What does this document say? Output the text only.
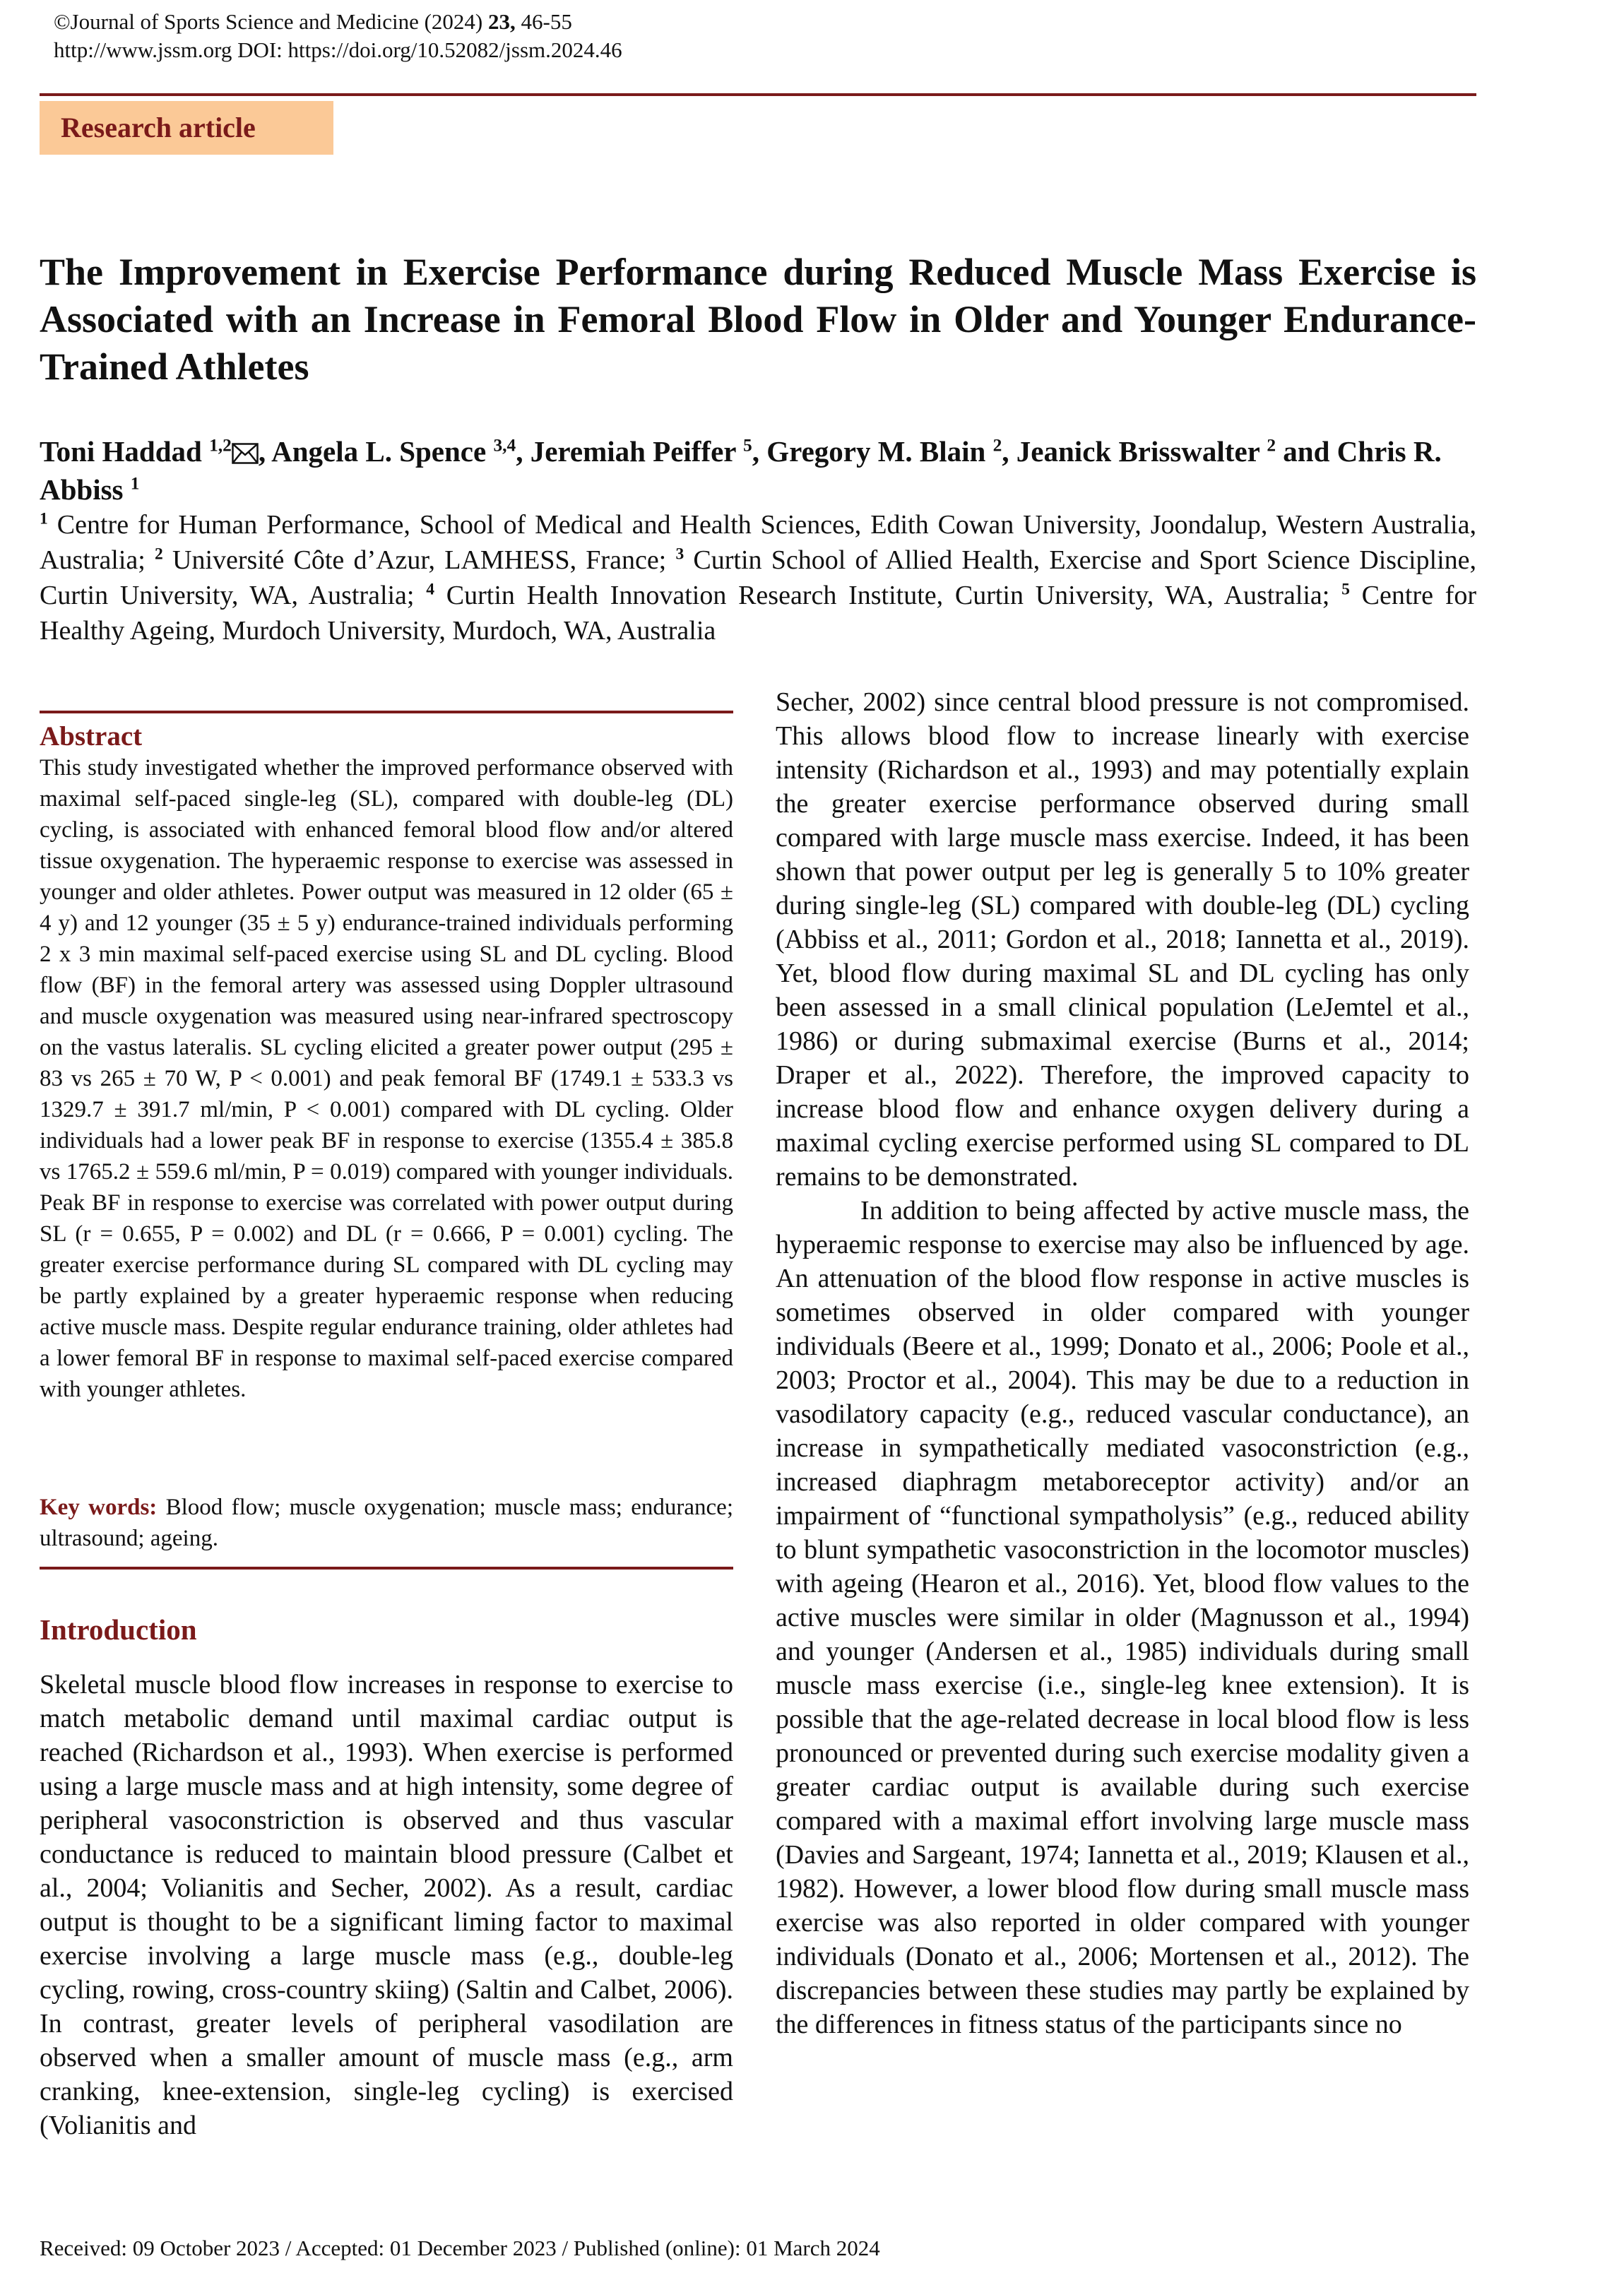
©Journal of Sports Science and Medicine (2024) 23, 46-55
http://www.jssm.org DOI: https://doi.org/10.52082/jssm.2024.46
Research article
The Improvement in Exercise Performance during Reduced Muscle Mass Exercise is Associated with an Increase in Femoral Blood Flow in Older and Younger Endurance-Trained Athletes
Toni Haddad $^{1,2}$ , Angela L. Spence $^{3,4}$, Jeremiah Peiffer $^5$, Gregory M. Blain $^2$, Jeanick Brisswalter $^2$ and Chris R. Abbiss $^1$
$^1$ Centre for Human Performance, School of Medical and Health Sciences, Edith Cowan University, Joondalup, Western Australia, Australia; $^2$ Université Côte d’Azur, LAMHESS, France; $^3$ Curtin School of Allied Health, Exercise and Sport Science Discipline, Curtin University, WA, Australia; $^4$ Curtin Health Innovation Research Institute, Curtin University, WA, Australia; $^5$ Centre for Healthy Ageing, Murdoch University, Murdoch, WA, Australia
Abstract
This study investigated whether the improved performance observed with maximal self-paced single-leg (SL), compared with double-leg (DL) cycling, is associated with enhanced femoral blood flow and/or altered tissue oxygenation. The hyperaemic response to exercise was assessed in younger and older athletes. Power output was measured in 12 older (65 ± 4 y) and 12 younger (35 ± 5 y) endurance-trained individuals performing 2 x 3 min maximal self-paced exercise using SL and DL cycling. Blood flow (BF) in the femoral artery was assessed using Doppler ultrasound and muscle oxygenation was measured using near-infrared spectroscopy on the vastus lateralis. SL cycling elicited a greater power output (295 ± 83 vs 265 ± 70 W, P < 0.001) and peak femoral BF (1749.1 ± 533.3 vs 1329.7 ± 391.7 ml/min, P < 0.001) compared with DL cycling. Older individuals had a lower peak BF in response to exercise (1355.4 ± 385.8 vs 1765.2 ± 559.6 ml/min, P = 0.019) compared with younger individuals. Peak BF in response to exercise was correlated with power output during SL (r = 0.655, P = 0.002) and DL (r = 0.666, P = 0.001) cycling. The greater exercise performance during SL compared with DL cycling may be partly explained by a greater hyperaemic response when reducing active muscle mass. Despite regular endurance training, older athletes had a lower femoral BF in response to maximal self-paced exercise compared with younger athletes.
Key words: Blood flow; muscle oxygenation; muscle mass; endurance; ultrasound; ageing.
Introduction
Skeletal muscle blood flow increases in response to exercise to match metabolic demand until maximal cardiac output is reached (Richardson et al., 1993). When exercise is performed using a large muscle mass and at high intensity, some degree of peripheral vasoconstriction is observed and thus vascular conductance is reduced to maintain blood pressure (Calbet et al., 2004; Volianitis and Secher, 2002). As a result, cardiac output is thought to be a significant liming factor to maximal exercise involving a large muscle mass (e.g., double-leg cycling, rowing, cross-country skiing) (Saltin and Calbet, 2006). In contrast, greater levels of peripheral vasodilation are observed when a smaller amount of muscle mass (e.g., arm cranking, knee-extension, single-leg cycling) is exercised (Volianitis and

Secher, 2002) since central blood pressure is not compromised. This allows blood flow to increase linearly with exercise intensity (Richardson et al., 1993) and may potentially explain the greater exercise performance observed during small compared with large muscle mass exercise. Indeed, it has been shown that power output per leg is generally 5 to 10% greater during single-leg (SL) compared with double-leg (DL) cycling (Abbiss et al., 2011; Gordon et al., 2018; Iannetta et al., 2019). Yet, blood flow during maximal SL and DL cycling has only been assessed in a small clinical population (LeJemtel et al., 1986) or during submaximal exercise (Burns et al., 2014; Draper et al., 2022). Therefore, the improved capacity to increase blood flow and enhance oxygen delivery during a maximal cycling exercise performed using SL compared to DL remains to be demonstrated.

In addition to being affected by active muscle mass, the hyperaemic response to exercise may also be influenced by age. An attenuation of the blood flow response in active muscles is sometimes observed in older compared with younger individuals (Beere et al., 1999; Donato et al., 2006; Poole et al., 2003; Proctor et al., 2004). This may be due to a reduction in vasodilatory capacity (e.g., reduced vascular conductance), an increase in sympathetically mediated vasoconstriction (e.g., increased diaphragm metaboreceptor activity) and/or an impairment of “functional sympatholysis” (e.g., reduced ability to blunt sympathetic vasoconstriction in the locomotor muscles) with ageing (Hearon et al., 2016). Yet, blood flow values to the active muscles were similar in older (Magnusson et al., 1994) and younger (Andersen et al., 1985) individuals during small muscle mass exercise (i.e., single-leg knee extension). It is possible that the age-related decrease in local blood flow is less pronounced or prevented during such exercise modality given a greater cardiac output is available during such exercise compared with a maximal effort involving large muscle mass (Davies and Sargeant, 1974; Iannetta et al., 2019; Klausen et al., 1982). However, a lower blood flow during small muscle mass exercise was also reported in older compared with younger individuals (Donato et al., 2006; Mortensen et al., 2012). The discrepancies between these studies may partly be explained by the differences in fitness status of the participants since no

Received: 09 October 2023 / Accepted: 01 December 2023 / Published (online): 01 March 2024
